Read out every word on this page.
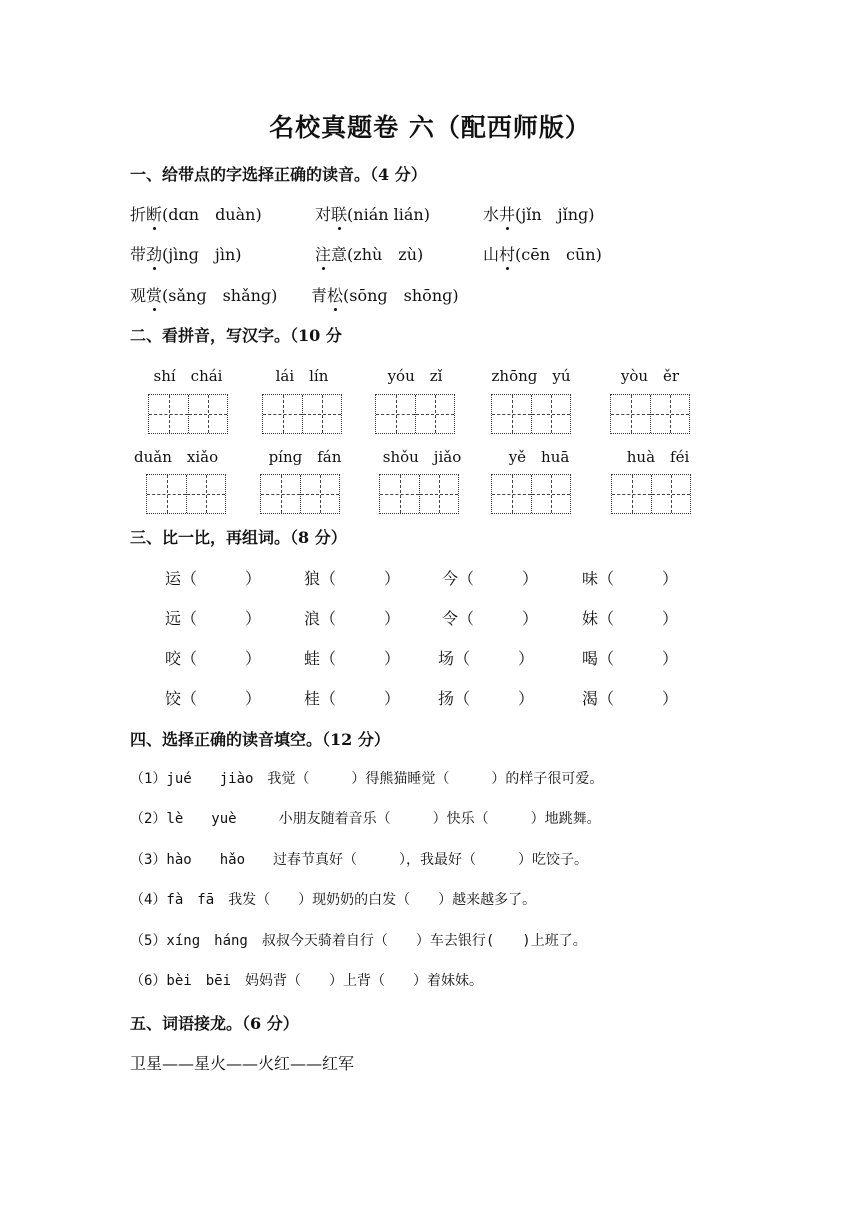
名校真题卷 六（配西师版）
一、给带点的字选择正确的读音。（4 分）
折断(dɑn　duàn)	对联(nián lián)	水井(jǐn　jǐnɡ)
带劲(jìnɡ　jìn)	注意(zhù　zù)	山村(cēn　cūn)
观赏(sǎnɡ　shǎnɡ) 青松(sōnɡ　shōnɡ)
二、看拼音，写汉字。（10 分
shí　chái	lái　lín	yóu　zǐ	zhōnɡ　yú	yòu　ěr
duǎn　xiǎo	pínɡ　fán	shǒu　jiǎo	yě　huā	huà　féi
三、比一比，再组词。（8 分）
运（　　　）	狼（　　　）	今（　　　）	味（　　　）
远（　　　）	浪（　　　）	令（　　　）	妹（　　　）
咬（　　　）	蛙（　　　） 场（　　　）	喝（　　　）
饺（　　　）	桂（　　　） 扬（　　　）	渴（　　　）
四、选择正确的读音填空。（12 分）
（1）jué　　jiào　我觉（　　　）得熊猫睡觉（　　　）的样子很可爱。
（2）lè　　yuè　　　小朋友随着音乐（　　　）快乐（　　　）地跳舞。
（3）hào　　hǎo　　过春节真好（　　　），我最好（　　　）吃饺子。
（4）fà　fā　我发（　　）现奶奶的白发（　　）越来越多了。
（5）xíng　háng　叔叔今天骑着自行（　　）车去银行(　　)上班了。
（6）bèi　bēi　妈妈背（　　）上背（　　）着妹妹。
五、词语接龙。（6 分）
卫星——星火——火红——红军
